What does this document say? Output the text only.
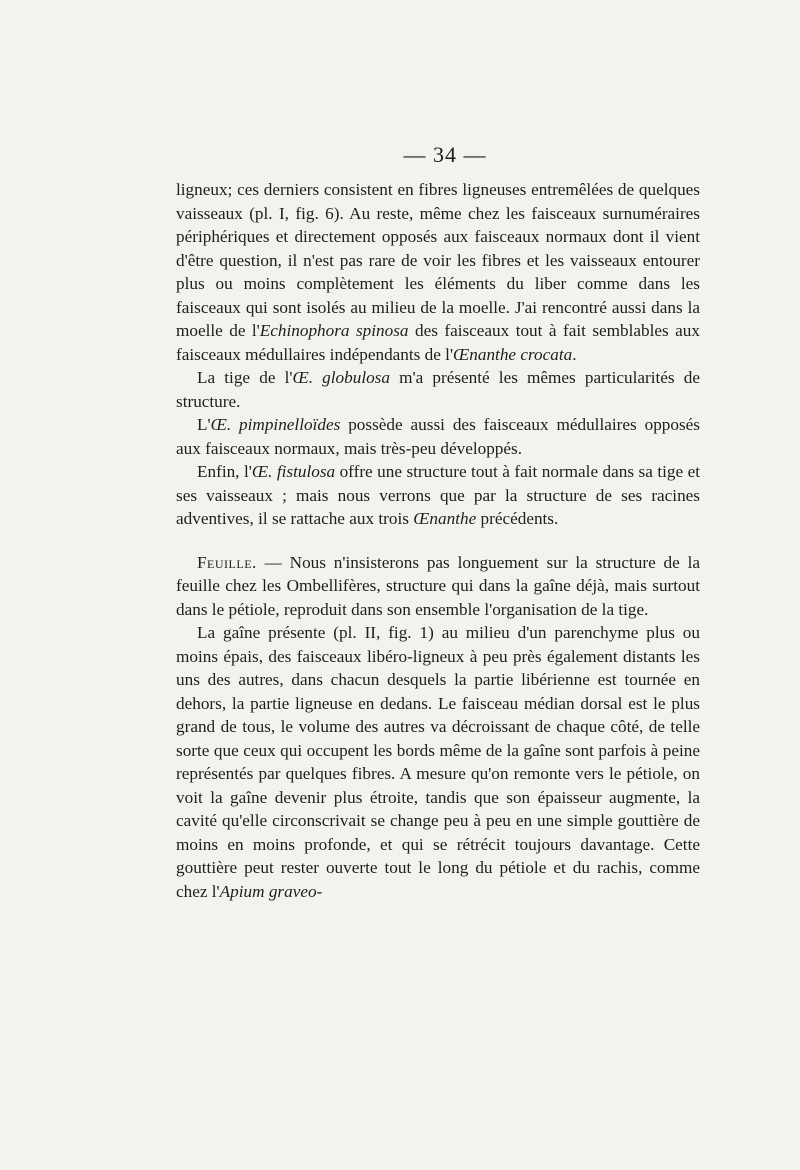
— 34 —

ligneux; ces derniers consistent en fibres ligneuses entremêlées de quelques vaisseaux (pl. I, fig. 6). Au reste, même chez les faisceaux surnuméraires périphériques et directement opposés aux faisceaux normaux dont il vient d'être question, il n'est pas rare de voir les fibres et les vaisseaux entourer plus ou moins complètement les éléments du liber comme dans les faisceaux qui sont isolés au milieu de la moelle. J'ai rencontré aussi dans la moelle de l'Echinophora spinosa des faisceaux tout à fait semblables aux faisceaux médullaires indépendants de l'Œnanthe crocata.

La tige de l'Œ. globulosa m'a présenté les mêmes particularités de structure.

L'Œ. pimpinelloïdes possède aussi des faisceaux médullaires opposés aux faisceaux normaux, mais très-peu développés.

Enfin, l'Œ. fistulosa offre une structure tout à fait normale dans sa tige et ses vaisseaux ; mais nous verrons que par la structure de ses racines adventives, il se rattache aux trois Œnanthe précédents.

Feuille. — Nous n'insisterons pas longuement sur la structure de la feuille chez les Ombellifères, structure qui dans la gaîne déjà, mais surtout dans le pétiole, reproduit dans son ensemble l'organisation de la tige.

La gaîne présente (pl. II, fig. 1) au milieu d'un parenchyme plus ou moins épais, des faisceaux libéro-ligneux à peu près également distants les uns des autres, dans chacun desquels la partie libérienne est tournée en dehors, la partie ligneuse en dedans. Le faisceau médian dorsal est le plus grand de tous, le volume des autres va décroissant de chaque côté, de telle sorte que ceux qui occupent les bords même de la gaîne sont parfois à peine représentés par quelques fibres. A mesure qu'on remonte vers le pétiole, on voit la gaîne devenir plus étroite, tandis que son épaisseur augmente, la cavité qu'elle circonscrivait se change peu à peu en une simple gouttière de moins en moins profonde, et qui se rétrécit toujours davantage. Cette gouttière peut rester ouverte tout le long du pétiole et du rachis, comme chez l'Apium graveo-
